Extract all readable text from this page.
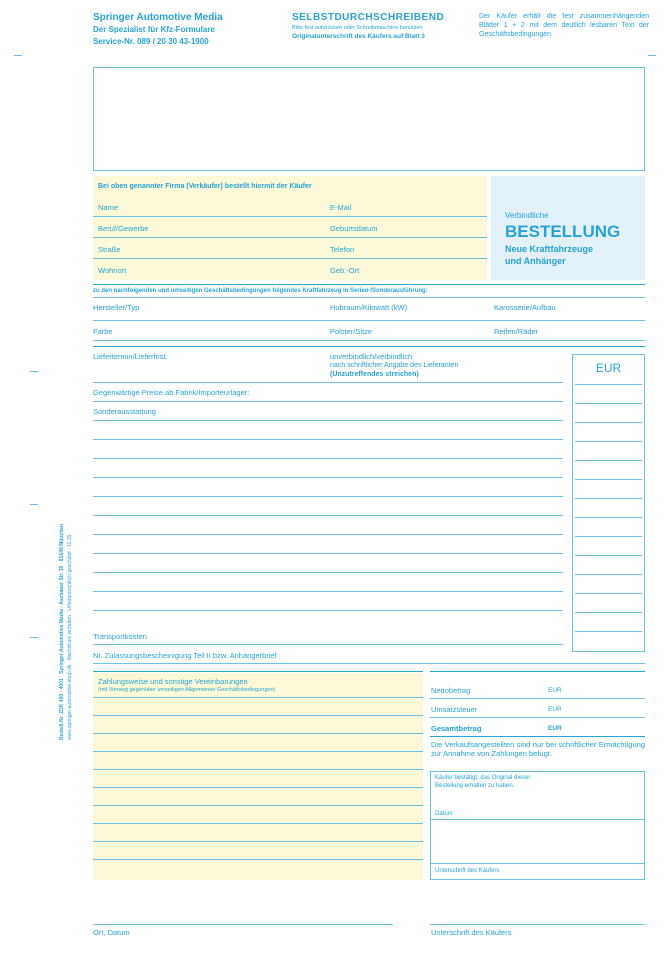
Springer Automotive Media
Der Spezialist für Kfz-Formulare
Service-Nr. 089 / 20 30 43-1900
SELBSTDURCHSCHREIBEND
Bitte fest aufdrücken oder Schreibmaschine benutzen
Originalunterschrift des Käufers auf Blatt 3
Der Käufer erhält die fest zusammenhängenden Blätter 1 + 2 mit dem deutlich lesbaren Text der Geschäftsbedingungen
Bei oben genannter Firma (Verkäufer) bestellt hiermit der Käufer
Name	E-Mail
Beruf/Gewerbe	Geburtsdatum
Straße	Telefon
Wohnort	Geb.-Ort
Verbindliche
BESTELLUNG
Neue Kraftfahrzeuge
und Anhänger
zu den nachfolgenden und umseitigen Geschäftsbedingungen folgendes Kraftfahrzeug in Serien-/Sonderausführung:
Hersteller/Typ	Hubraum/Kilowatt (kW)	Karosserie/Aufbau
Farbe	Polster/Sitze	Reifen/Räder
Liefertermin/Lieferfrist:	unverbindlich/verbindlich
nach schriftlicher Angabe des Lieferanten
(Unzutreffendes streichen)	EUR
Gegenwärtige Preise ab Fabrik/Importeurlager:
Sonderausstattung
Transportkosten
Nr. Zulassungsbescheinigung Teil II bzw. Anhängerbrief
Zahlungsweise und sonstige Vereinbarungen
(mit Vorrang gegenüber umseitigen Allgemeinen Geschäftsbedingungen)	Nettobetrag	EUR
Umsatzsteuer	EUR
Gesamtbetrag	EUR
Die Verkaufsangestellten sind nur bei schriftlicher Ermächtigung zur Annahme von Zahlungen befugt.
Käufer bestätigt, das Original dieser
Bestellung erhalten zu haben.
Datum
Unterschrift des Käufers
Ort, Datum	Unterschrift des Käufers
Bestell-Nr. ZDK 400 · 4001 · Springer Automotive Media · Aschauer Str. 30 · 81549 München www.springer-automotive-shop.de · Nachdruck verboten · Urheberrechtlich geschützt · 11.15
